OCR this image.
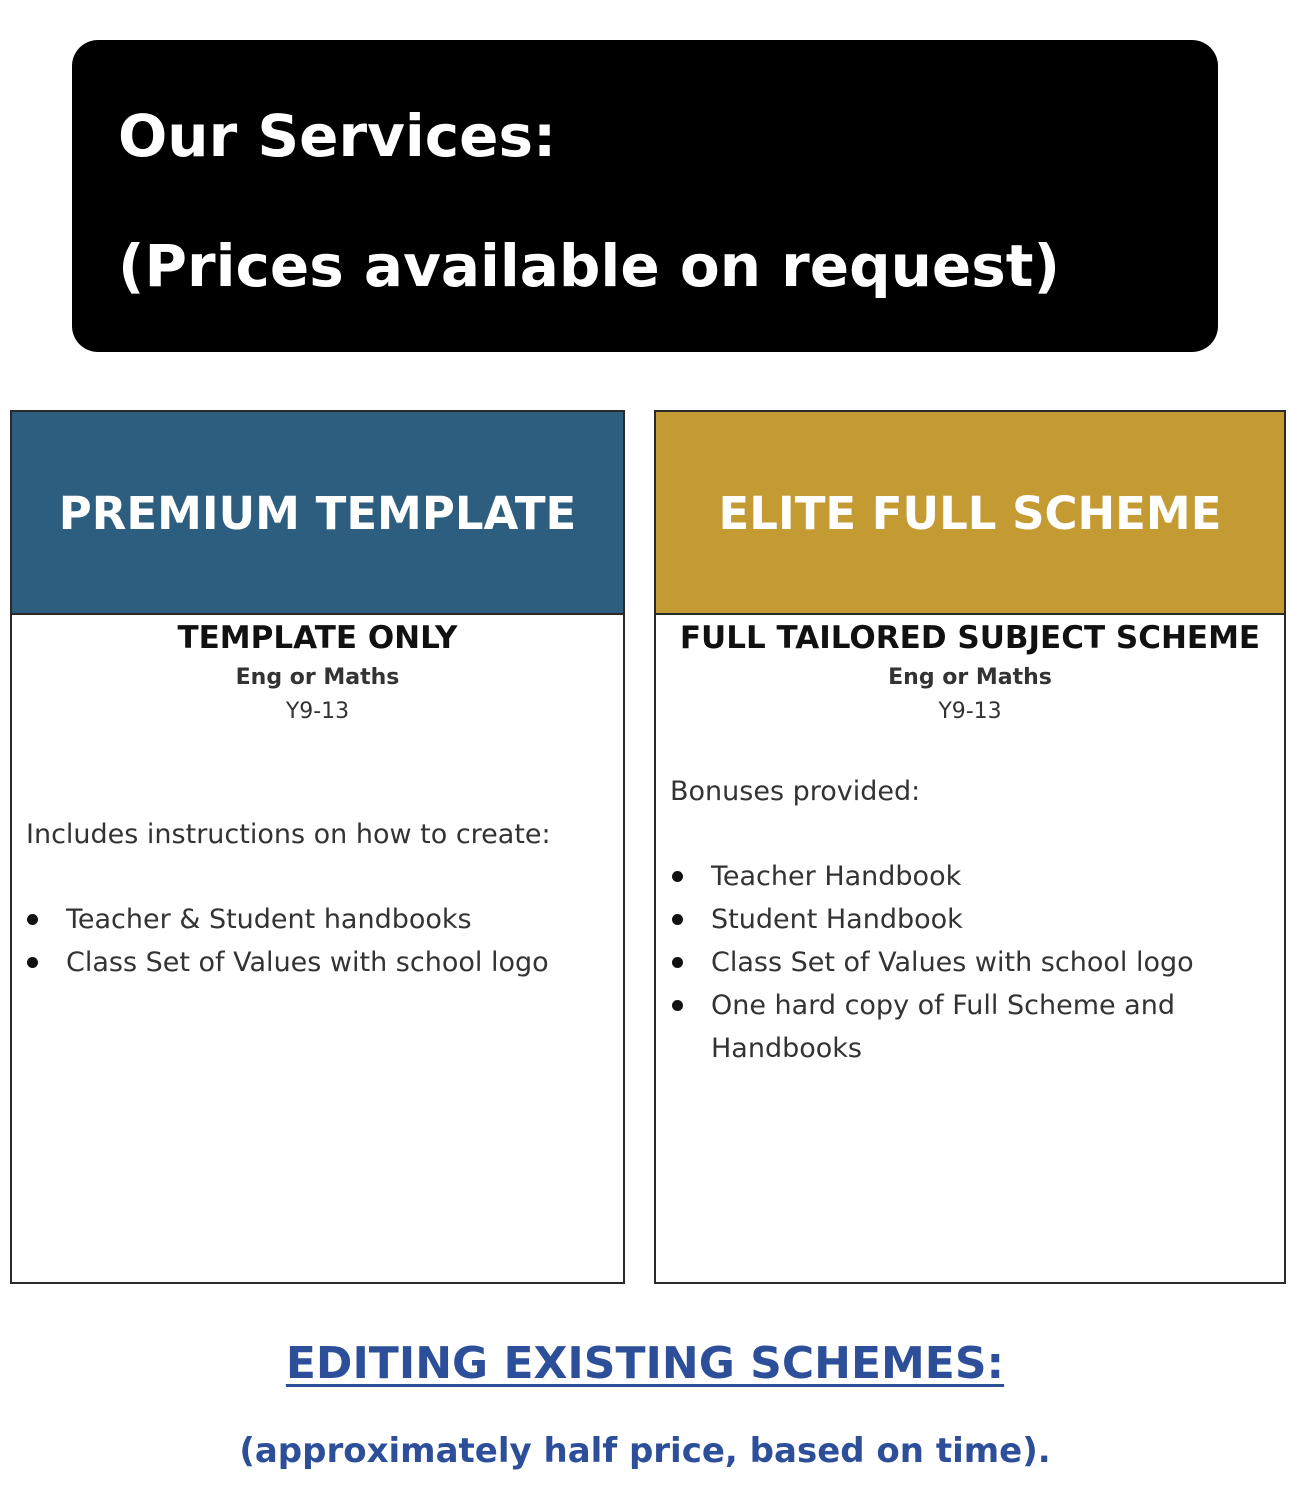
Our Services:
(Prices available on request)
PREMIUM TEMPLATE
TEMPLATE ONLY
Eng or Maths
Y9-13
Includes instructions on how to create:
Teacher & Student handbooks
Class Set of Values with school logo
ELITE FULL SCHEME
FULL TAILORED SUBJECT SCHEME
Eng or Maths
Y9-13
Bonuses provided:
Teacher Handbook
Student Handbook
Class Set of Values with school logo
One hard copy of Full Scheme and
Handbooks
EDITING EXISTING SCHEMES:
(approximately half price, based on time).
